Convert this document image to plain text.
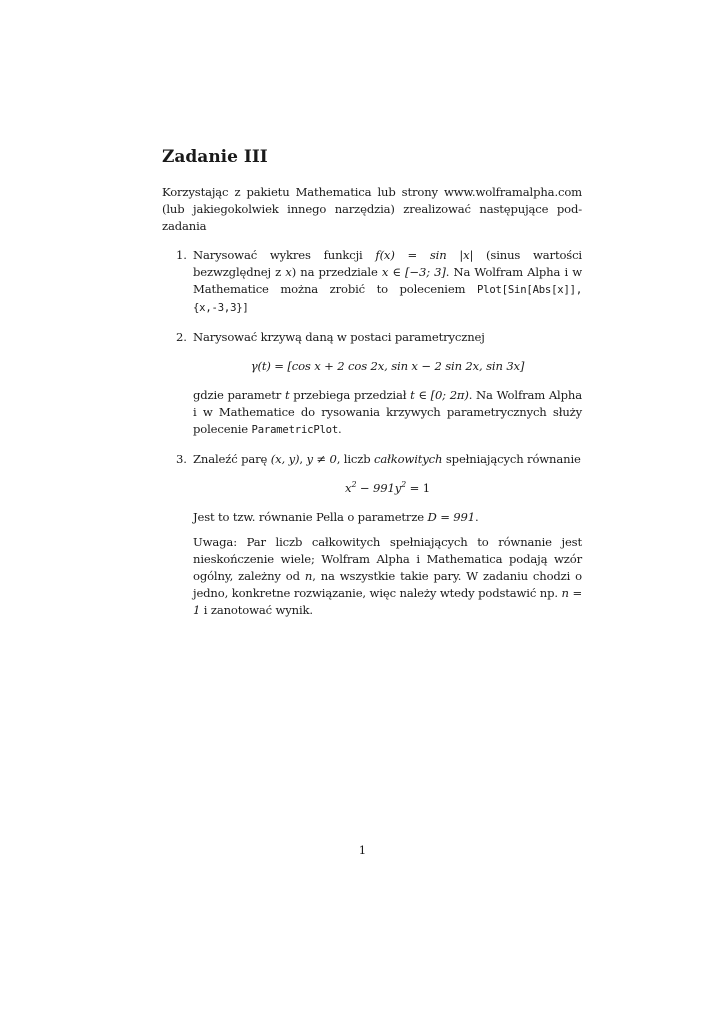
Zadanie III

Korzystając z pakietu Mathematica lub strony www.wolframalpha.com (lub jakiegokolwiek innego narzędzia) zrealizować następujące pod-zadania

1. Narysować wykres funkcji f(x) = sin |x| (sinus wartości bezwzględnej z x) na przedziale x ∈ [−3; 3]. Na Wolfram Alpha i w Mathematice można zrobić to poleceniem Plot[Sin[Abs[x]],{x,-3,3}]

2. Narysować krzywą daną w postaci parametrycznej

γ(t) = [cos x + 2 cos 2x, sin x − 2 sin 2x, sin 3x]

gdzie parametr t przebiega przedział t ∈ [0; 2π). Na Wolfram Alpha i w Mathematice do rysowania krzywych parametrycznych służy polecenie ParametricPlot.

3. Znaleźć parę (x, y), y ≠ 0, liczb całkowitych spełniających równanie

$x^2 - 991y^2 = 1$

Jest to tzw. równanie Pella o parametrze D = 991.

Uwaga: Par liczb całkowitych spełniających to równanie jest nieskończenie wiele; Wolfram Alpha i Mathematica podają wzór ogólny, zależny od n, na wszystkie takie pary. W zadaniu chodzi o jedno, konkretne rozwiązanie, więc należy wtedy podstawić np. n = 1 i zanotować wynik.

1
